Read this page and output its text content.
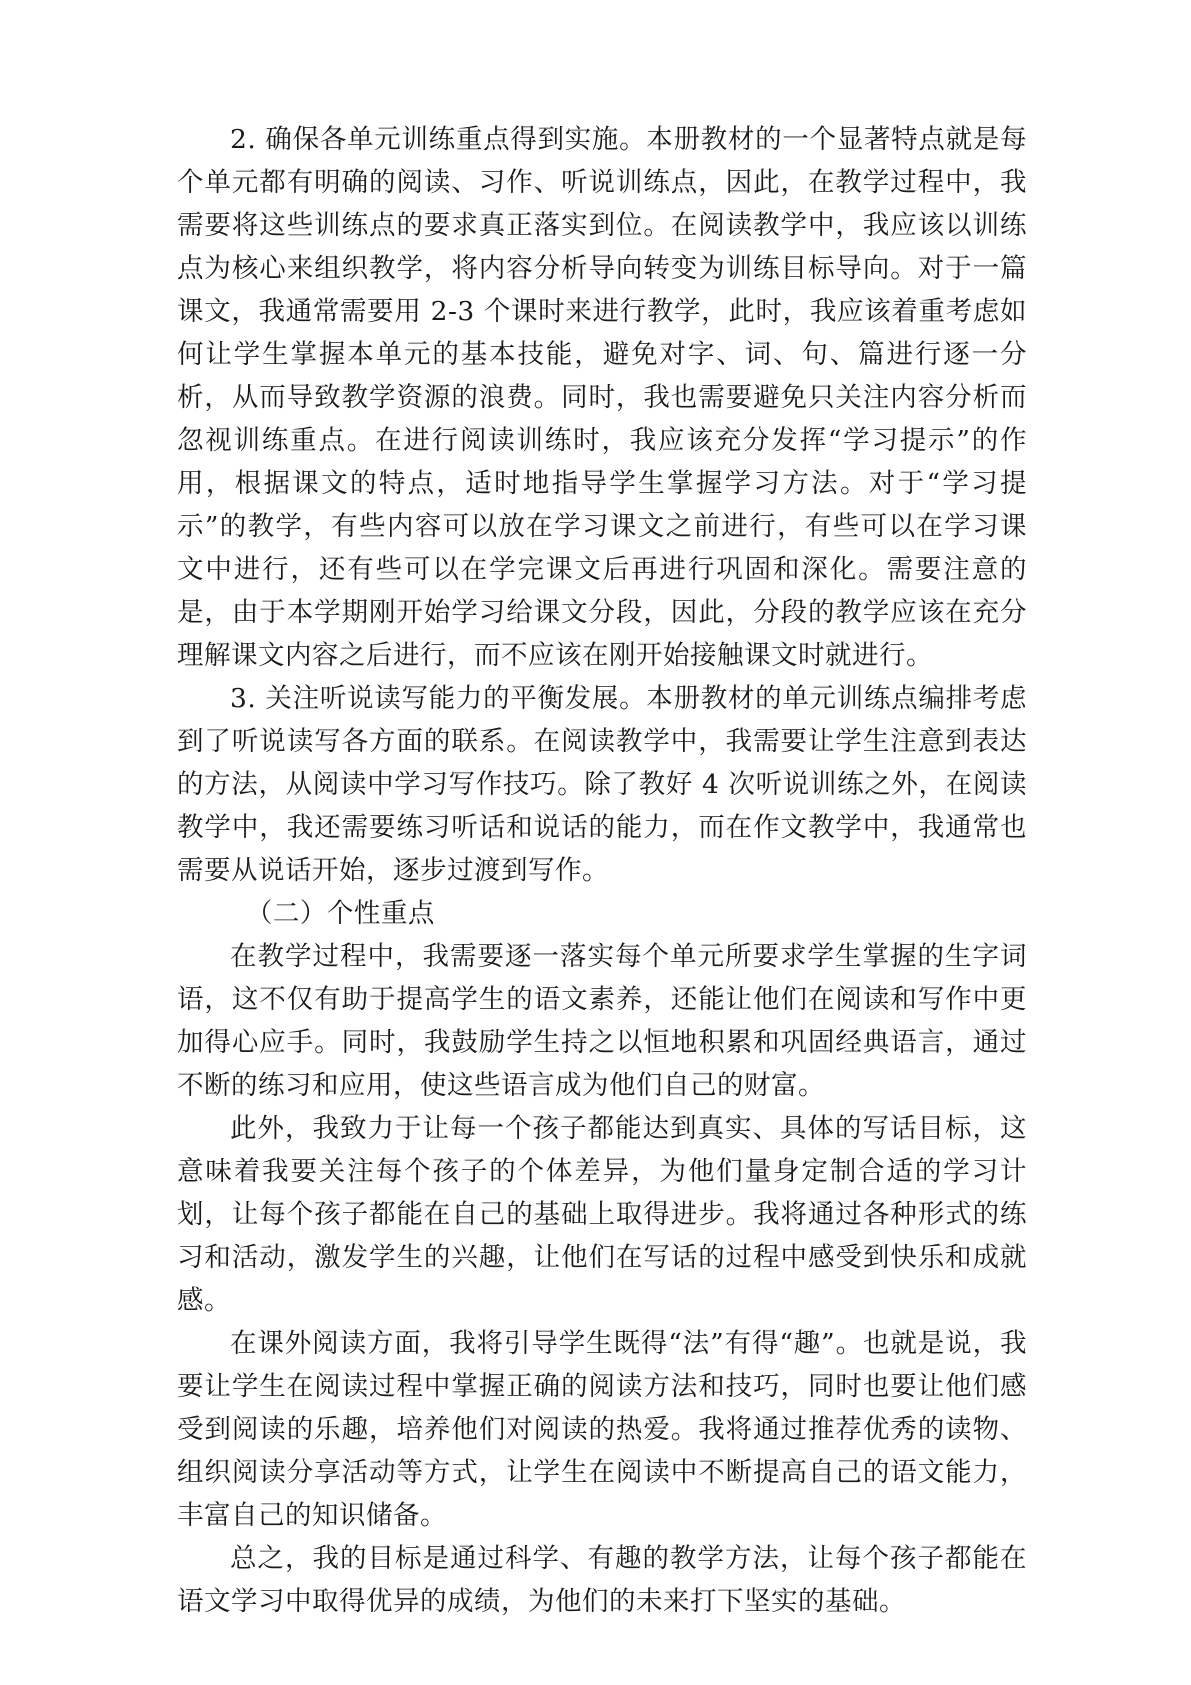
2. 确保各单元训练重点得到实施。本册教材的一个显著特点就是每个单元都有明确的阅读、习作、听说训练点，因此，在教学过程中，我需要将这些训练点的要求真正落实到位。在阅读教学中，我应该以训练点为核心来组织教学，将内容分析导向转变为训练目标导向。对于一篇课文，我通常需要用 2-3 个课时来进行教学，此时，我应该着重考虑如何让学生掌握本单元的基本技能，避免对字、词、句、篇进行逐一分析，从而导致教学资源的浪费。同时，我也需要避免只关注内容分析而忽视训练重点。在进行阅读训练时，我应该充分发挥“学习提示”的作用，根据课文的特点，适时地指导学生掌握学习方法。对于“学习提示”的教学，有些内容可以放在学习课文之前进行，有些可以在学习课文中进行，还有些可以在学完课文后再进行巩固和深化。需要注意的是，由于本学期刚开始学习给课文分段，因此，分段的教学应该在充分理解课文内容之后进行，而不应该在刚开始接触课文时就进行。

3. 关注听说读写能力的平衡发展。本册教材的单元训练点编排考虑到了听说读写各方面的联系。在阅读教学中，我需要让学生注意到表达的方法，从阅读中学习写作技巧。除了教好 4 次听说训练之外，在阅读教学中，我还需要练习听话和说话的能力，而在作文教学中，我通常也需要从说话开始，逐步过渡到写作。

（二）个性重点

在教学过程中，我需要逐一落实每个单元所要求学生掌握的生字词语，这不仅有助于提高学生的语文素养，还能让他们在阅读和写作中更加得心应手。同时，我鼓励学生持之以恒地积累和巩固经典语言，通过不断的练习和应用，使这些语言成为他们自己的财富。

此外，我致力于让每一个孩子都能达到真实、具体的写话目标，这意味着我要关注每个孩子的个体差异，为他们量身定制合适的学习计划，让每个孩子都能在自己的基础上取得进步。我将通过各种形式的练习和活动，激发学生的兴趣，让他们在写话的过程中感受到快乐和成就感。

在课外阅读方面，我将引导学生既得“法”有得“趣”。也就是说，我要让学生在阅读过程中掌握正确的阅读方法和技巧，同时也要让他们感受到阅读的乐趣，培养他们对阅读的热爱。我将通过推荐优秀的读物、组织阅读分享活动等方式，让学生在阅读中不断提高自己的语文能力，丰富自己的知识储备。

总之，我的目标是通过科学、有趣的教学方法，让每个孩子都能在语文学习中取得优异的成绩，为他们的未来打下坚实的基础。
